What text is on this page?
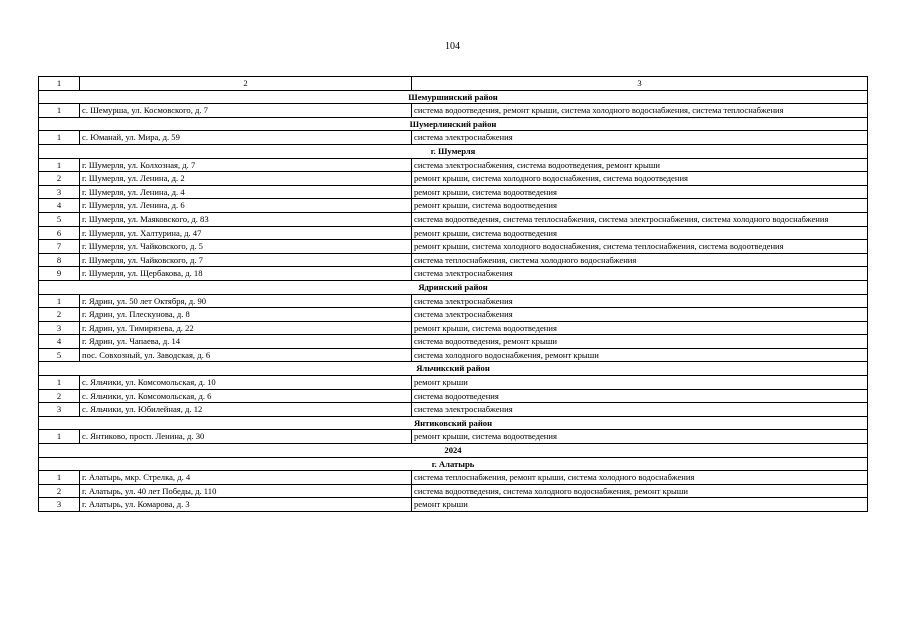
104
1	2	3
Шемуршинский район		
1	с. Шемурша, ул. Космовского, д. 7	система водоотведения, ремонт крыши, система холодного водоснабжения, система теплоснабжения
Шумерлинский район		
1	с. Юманай, ул. Мира, д. 59	система электроснабжения
г. Шумерля		
1	г. Шумерля, ул. Колхозная, д. 7	система электроснабжения, система водоотведения, ремонт крыши
2	г. Шумерля, ул. Ленина, д. 2	ремонт крыши, система холодного водоснабжения, система водоотведения
3	г. Шумерля, ул. Ленина, д. 4	ремонт крыши, система водоотведения
4	г. Шумерля, ул. Ленина, д. 6	ремонт крыши, система водоотведения
5	г. Шумерля, ул. Маяковского, д. 83	система водоотведения, система теплоснабжения, система электроснабжения, система холодного водоснабжения
6	г. Шумерля, ул. Халтурина, д. 47	ремонт крыши, система водоотведения
7	г. Шумерля, ул. Чайковского, д. 5	ремонт крыши, система холодного водоснабжения, система теплоснабжения, система водоотведения
8	г. Шумерля, ул. Чайковского, д. 7	система теплоснабжения, система холодного водоснабжения
9	г. Шумерля, ул. Щербакова, д. 18	система электроснабжения
Ядринский район		
1	г. Ядрин, ул. 50 лет Октября, д. 90	система электроснабжения
2	г. Ядрин, ул. Плескунова, д. 8	система электроснабжения
3	г. Ядрин, ул. Тимирязева, д. 22	ремонт крыши, система водоотведения
4	г. Ядрин, ул. Чапаева, д. 14	система водоотведения, ремонт крыши
5	пос. Совхозный, ул. Заводская, д. 6	система холодного водоснабжения, ремонт крыши
Яльчикский район		
1	с. Яльчики, ул. Комсомольская, д. 10	ремонт крыши
2	с. Яльчики, ул. Комсомольская, д. 6	система водоотведения
3	с. Яльчики, ул. Юбилейная, д. 12	система электроснабжения
Янтиковский район		
1	с. Янтиково, просп. Ленина, д. 30	ремонт крыши, система водоотведения
2024		
г. Алатырь		
1	г. Алатырь, мкр. Стрелка, д. 4	система теплоснабжения, ремонт крыши, система холодного водоснабжения
2	г. Алатырь, ул. 40 лет Победы, д. 110	система водоотведения, система холодного водоснабжения, ремонт крыши
3	г. Алатырь, ул. Комарова, д. 3	ремонт крыши
